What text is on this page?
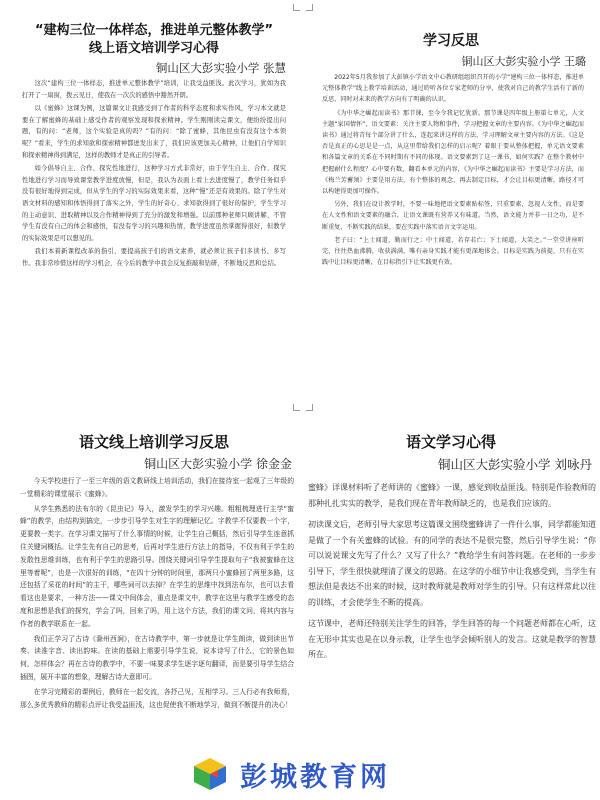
“建构三位一体样态，推进单元整体教学”
线上语文培训学习心得
铜山区大彭实验小学 张慧

这次“建构三位一体样态，推进单元整体教学”培训，让我受益匪浅。此次学习，犹如为我打开了一扇窗，拨云见日，使我在一次次的感悟中豁然开朗。

以《蜜蜂》这课为例，这篇课文让我感受到了作者的科学态度和求实作风，学习本文就是要在了解蜜蜂的基础上感受作者的观察发现和探索精神。学生刚刚读完课文，便纷纷提出问题，有的问：“老师，这个实验是真的吗？”有的问：“除了蜜蜂，其他昆虫有没有这个本领呢？”看来，学生的求知欲和探索精神都迸发出来了，我们应该更加关心精神，让他们自学知识和探索精神得到满足，这样的教师才是真正的引导者。

如今倡导自主、合作、探究性地进行，这种学习方式非常好，由于学生自主、合作、探究性地进行学习而导致课堂教学进度放慢，但是，我认为表面上看上去进度慢了，教学任务似乎没有很好地得到完成，但从学生的学习的实际效果来看，这种“慢”还是有效果的。除了学生对语文材料的感知和体悟得到了落实之外，学生的好奇心、求知欲得到了很好的保护，学生学习的主动意识、进取精神以及合作精神得到了充分的激发和增强。以前那种老师只顾讲解、不管学生有没有自己的体会和感悟，有没有学习的兴趣和热情，教学进度虽然掌握得很好，但教学的实际效果是可以想见的。

我们本着新课程改革的指引，要提高孩子们的语文素养，就必须让孩子们多读书、多写作。我非常珍惜这样的学习机会，在今后的教学中我会反复推敲和钻研，不断地反思和总结。

学习反思
铜山区大彭实验小学 王璐

2022年5月我参加了大彭镇小学语文中心教研组组织召开的小学“建构三位一体样态，推进单元整体教学”线上教学培训活动，通过聆听各位专家老师的分享，使我对自己的教学生活有了新的反思，同时对未来的教学方向有了明确的认识。

《为中华之崛起而读书》那节课，至今令我记忆犹新。那节课是四年级上册第七单元，人文主题“家国情怀”，语文要素：关注主要人物和事件，学习把握文章的主要内容。《为中华之崛起而读书》通过将青每个部分讲了什么，连起来讲这样的方法，学习理解文章主要内容的方法。《这是否是真正的心思是是一点，从这里带给我们怎样的启示呢？着眼于要从整体把握，单元语文要素和各篇文章的关系在不同时期有不同的体现。语文要素到了这一课书，如何实践？在整个教材中把握耐什么程度？心中要有数，翻看本单元的内容，《为中华之崛起而读书》主要是学习方法，而《梅兰芳蓄须》主要是用方法，有个整体的观念，再去制定目标，才会让目标更清晰，路径才可以构建得更加可操作。

另外，我们在设计教学时，不要一味地把语文要素贴标签，只重要素，忽视人文性，而是要在人文性和语文要素的融合，让语文课既有营养又有味道。当然，语文能力并非一日之功，是不断重复，不断实践的结果，要在实践中落实语言文字运用。

老子曰：“上士闻道，勤而行之；中士闻道，若存若亡；下士闻道，大笑之。”一堂堂讲座听完，往往热血沸腾，收获满满，唯有亲身实践才能有更深地体会。目标是实践为前提，只有在实践中让目标更清晰，在目标指引下让实践更有效。

语文线上培训学习反思
铜山区大彭实验小学 徐金金

今天学校进行了一至三年级的语文教研线上培训活动，我们在接待室一起观了三年级的一堂精彩的课堂展示《蜜蜂》。

从学生熟悉的法布尔的《昆虫记》导入，激发学生的学习兴趣。粗粗梳理进行主学“蜜蜂”的教学，由结构到搞完，一步步引导学生对生字的理解记忆。字教学不仅要教一个字，更要教一类字。在学习课文描写了什么事情的时候，让学生自己概括，然后引导学生连意抓住关键词概括。让学生先有自己的思考，后再对学生进行方法上的指导，不仅有利于学生的发散性思维训练，也有利于学生的思路引导。围绕关键词引导学生提取句子“我被蜜蜂在这里等着呢”，也是一次很好的训练，“在四十分钟的时间里，那两只小蜜蜂回了两里多路，这还包括了采花的时间”的主干，哪些词可以去掉？在学生的思维中找到法布尔，也可以去看看这也是要求，一种方法——课文中间体会，重点是课文中，教学在这里与教学生感受的态度和思想是我们的探究，学会了吗，回来了吗，用上这个方法，我们的课文问，将其内容与作者的教学联系在一起。

我们正学习了古诗《滁州西涧》，在古诗教学中，第一步就是让学生朗读，做到读出节奏、读准字音、读出韵味。在读的基础上需要引导学生说，说本诗写了什么，它的景色如何，怎样体会？再在古诗的教学中，不要一味要求学生逐字逐句翻译，而是要引导学生结合插图，展开丰富的想象，理解古诗大意即可。

在学习完精彩的课例后，教师在一起交流，各抒己见，互相学习。三人行必有我师焉，那么多优秀教师的精彩点评让我受益匪浅，这也促使我不断地学习，做到不断提升的决心！

语文学习心得
铜山区大彭实验小学 刘咏丹

蜜蜂》详课材料听了老师讲的《蜜蜂》一课，感觉到收益匪浅。特别是作验教师的那种扎扎实实的教学，是我们现在青年教师缺乏的，也是我们应该的。

初读课文后，老师引导大家思考这篇课文围绕蜜蜂讲了一件什么事，同学都能知道是做了一个有关蜜蜂的试验。有的同学的表达不是很完整，然后引导学生说：“你可以说说课文先写了什么？又写了什么？”教给学生有问答问题。在老师的一步步引导下，学生很快就理清了课文的思路。在这学的小细节中让我感受到，当学生有想法但是表达不出来的时候，这时教师就是教师对学生的引导。只有这样常此以往的训练，才会使学生不断的提高。

这节课中，老师还特别关注学生的回答，学生回答的每一个问题老师都在心听，这在无形中其实也是在以身示教，让学生也学会倾听别人的发言。这就是教学的智慧所在。

彭城教育网
